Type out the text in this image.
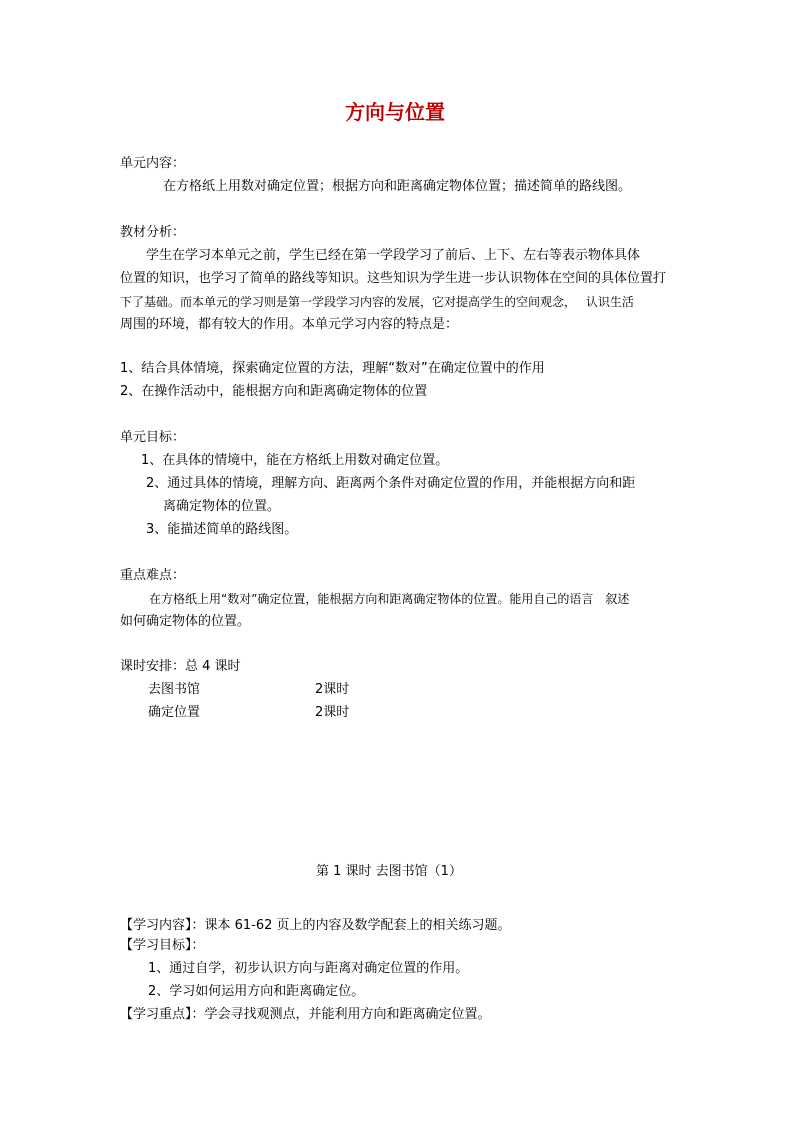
方向与位置
单元内容：
在方格纸上用数对确定位置；根据方向和距离确定物体位置；描述简单的路线图。
教材分析：
学生在学习本单元之前，学生已经在第一学段学习了前后、上下、左右等表示物体具体
位置的知识，也学习了简单的路线等知识。这些知识为学生进一步认识物体在空间的具体位置打
下了基础。而本单元的学习则是第一学段学习内容的发展，它对提高学生的空间观念，　 认识生活
周围的环境，都有较大的作用。本单元学习内容的特点是：
1、结合具体情境，探索确定位置的方法，理解“数对”在确定位置中的作用
2、在操作活动中，能根据方向和距离确定物体的位置
单元目标：
1、在具体的情境中，能在方格纸上用数对确定位置。
2、通过具体的情境，理解方向、距离两个条件对确定位置的作用，并能根据方向和距
离确定物体的位置。
3、能描述简单的路线图。
重点难点：
在方格纸上用“数对”确定位置，能根据方向和距离确定物体的位置。能用自己的语言　叙述
如何确定物体的位置。
课时安排：总 4 课时
去图书馆	2课时
确定位置	2课时
第 1 课时 去图书馆（1）
【学习内容】：课本 61-62 页上的内容及数学配套上的相关练习题。
【学习目标】：
1、通过自学，初步认识方向与距离对确定位置的作用。
2、学习如何运用方向和距离确定位。
【学习重点】：学会寻找观测点，并能利用方向和距离确定位置。
